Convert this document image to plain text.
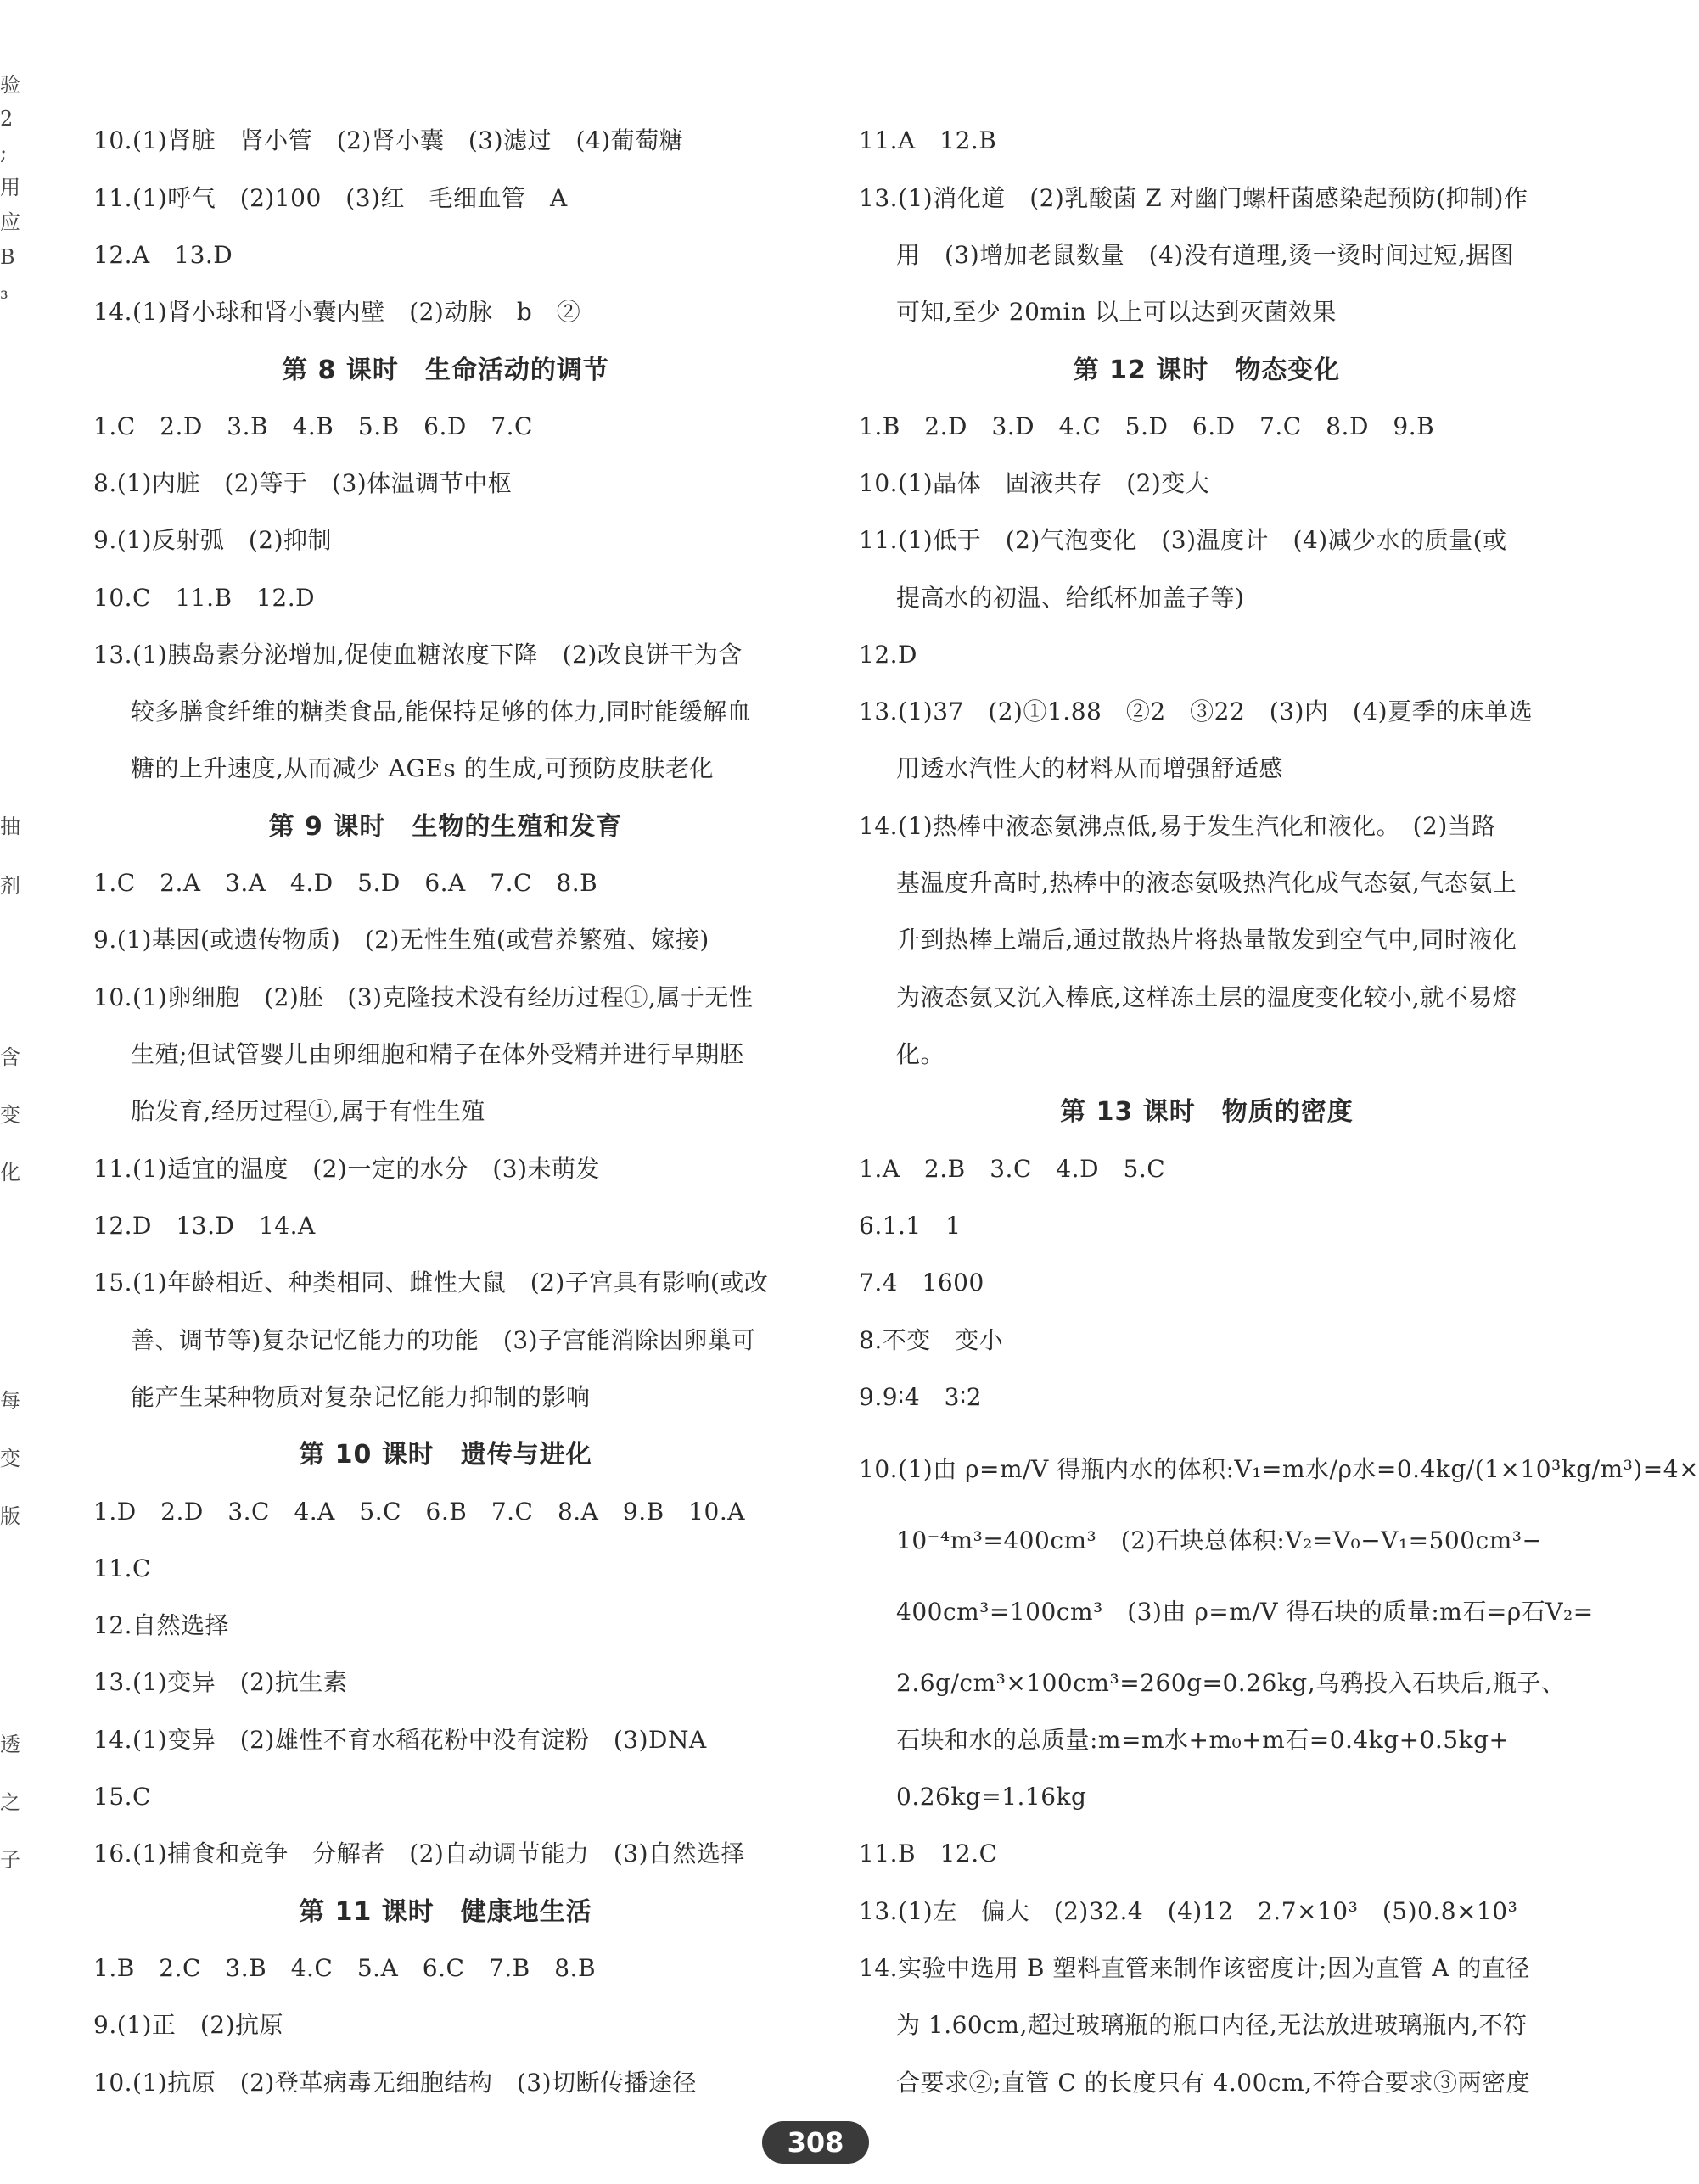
验
2
;
用
应
B
₃
抽
剂
含
变
化
每
变
版
透
之
子
10.(1)肾脏　肾小管　(2)肾小囊　(3)滤过　(4)葡萄糖
11.(1)呼气　(2)100　(3)红　毛细血管　A
12.A　13.D
14.(1)肾小球和肾小囊内壁　(2)动脉　b　②
第 8 课时　生命活动的调节
1.C　2.D　3.B　4.B　5.B　6.D　7.C
8.(1)内脏　(2)等于　(3)体温调节中枢
9.(1)反射弧　(2)抑制
10.C　11.B　12.D
13.(1)胰岛素分泌增加,促使血糖浓度下降　(2)改良饼干为含
较多膳食纤维的糖类食品,能保持足够的体力,同时能缓解血
糖的上升速度,从而减少 AGEs 的生成,可预防皮肤老化
第 9 课时　生物的生殖和发育
1.C　2.A　3.A　4.D　5.D　6.A　7.C　8.B
9.(1)基因(或遗传物质)　(2)无性生殖(或营养繁殖、嫁接)
10.(1)卵细胞　(2)胚　(3)克隆技术没有经历过程①,属于无性
生殖;但试管婴儿由卵细胞和精子在体外受精并进行早期胚
胎发育,经历过程①,属于有性生殖
11.(1)适宜的温度　(2)一定的水分　(3)未萌发
12.D　13.D　14.A
15.(1)年龄相近、种类相同、雌性大鼠　(2)子宫具有影响(或改
善、调节等)复杂记忆能力的功能　(3)子宫能消除因卵巢可
能产生某种物质对复杂记忆能力抑制的影响
第 10 课时　遗传与进化
1.D　2.D　3.C　4.A　5.C　6.B　7.C　8.A　9.B　10.A
11.C
12.自然选择
13.(1)变异　(2)抗生素
14.(1)变异　(2)雄性不育水稻花粉中没有淀粉　(3)DNA
15.C
16.(1)捕食和竞争　分解者　(2)自动调节能力　(3)自然选择
第 11 课时　健康地生活
1.B　2.C　3.B　4.C　5.A　6.C　7.B　8.B
9.(1)正　(2)抗原
10.(1)抗原　(2)登革病毒无细胞结构　(3)切断传播途径
11.A　12.B
13.(1)消化道　(2)乳酸菌 Z 对幽门螺杆菌感染起预防(抑制)作
用　(3)增加老鼠数量　(4)没有道理,烫一烫时间过短,据图
可知,至少 20min 以上可以达到灭菌效果
第 12 课时　物态变化
1.B　2.D　3.D　4.C　5.D　6.D　7.C　8.D　9.B
10.(1)晶体　固液共存　(2)变大
11.(1)低于　(2)气泡变化　(3)温度计　(4)减少水的质量(或
提高水的初温、给纸杯加盖子等)
12.D
13.(1)37　(2)①1.88　②2　③22　(3)内　(4)夏季的床单选
用透水汽性大的材料从而增强舒适感
14.(1)热棒中液态氨沸点低,易于发生汽化和液化。　(2)当路
基温度升高时,热棒中的液态氨吸热汽化成气态氨,气态氨上
升到热棒上端后,通过散热片将热量散发到空气中,同时液化
为液态氨又沉入棒底,这样冻土层的温度变化较小,就不易熔
化。
第 13 课时　物质的密度
1.A　2.B　3.C　4.D　5.C
6.1.1　1
7.4　1600
8.不变　变小
9.9∶4　3∶2
10.(1)由 ρ=m/V 得瓶内水的体积:V₁=m水/ρ水=0.4kg/(1×10³kg/m³)=4×
10⁻⁴m³=400cm³　(2)石块总体积:V₂=V₀−V₁=500cm³−
400cm³=100cm³　(3)由 ρ=m/V 得石块的质量:m石=ρ石V₂=
2.6g/cm³×100cm³=260g=0.26kg,乌鸦投入石块后,瓶子、
石块和水的总质量:m=m水+m₀+m石=0.4kg+0.5kg+
0.26kg=1.16kg
11.B　12.C
13.(1)左　偏大　(2)32.4　(4)12　2.7×10³　(5)0.8×10³
14.实验中选用 B 塑料直管来制作该密度计;因为直管 A 的直径
为 1.60cm,超过玻璃瓶的瓶口内径,无法放进玻璃瓶内,不符
合要求②;直管 C 的长度只有 4.00cm,不符合要求③两密度
308
